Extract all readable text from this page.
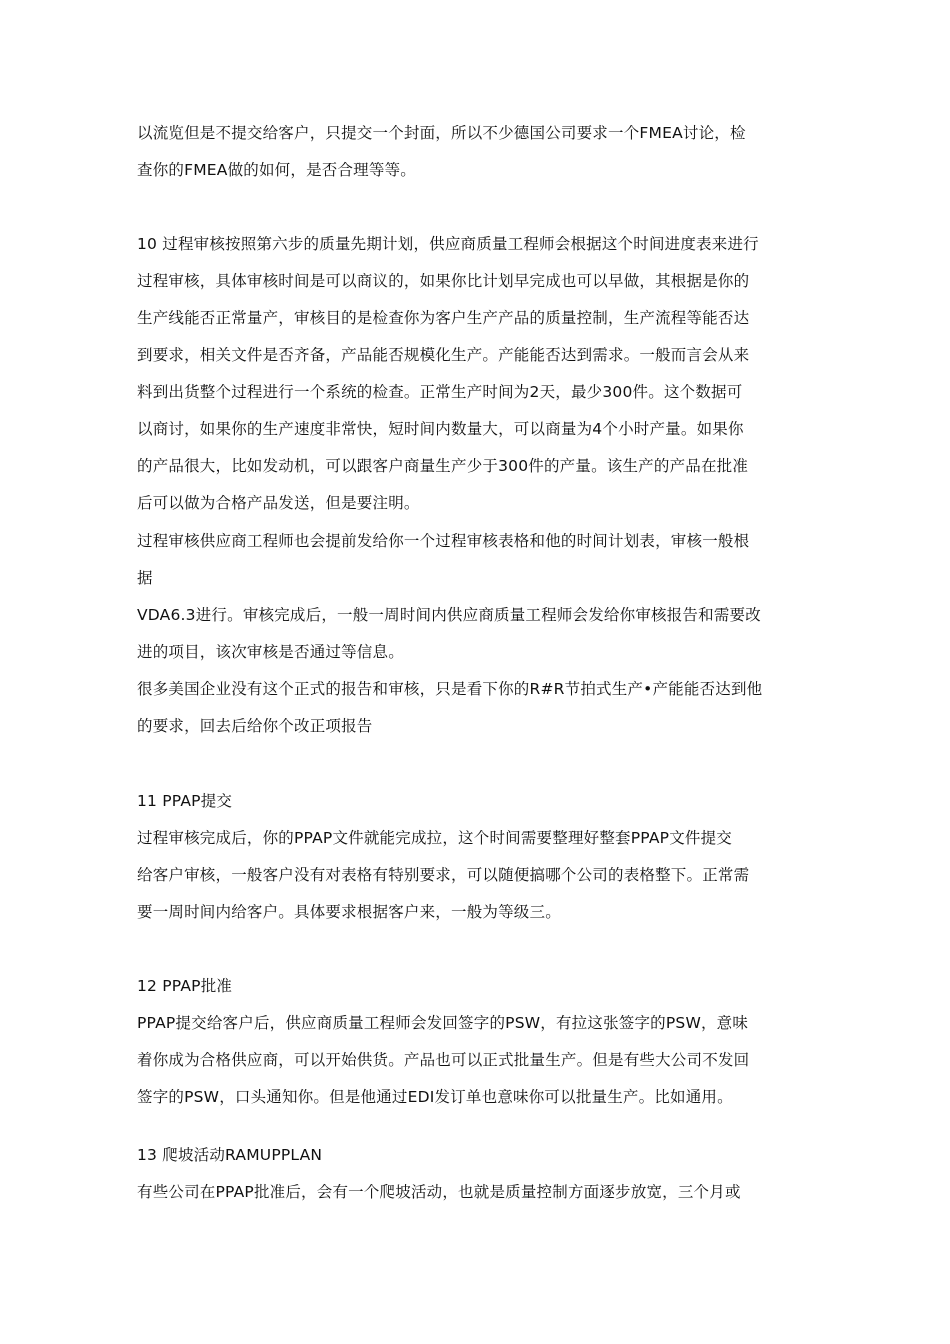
以流览但是不提交给客户，只提交一个封面，所以不少德国公司要求一个FMEA讨论，检
查你的FMEA做的如何，是否合理等等。
10 过程审核按照第六步的质量先期计划，供应商质量工程师会根据这个时间进度表来进行
过程审核，具体审核时间是可以商议的，如果你比计划早完成也可以早做，其根据是你的
生产线能否正常量产，审核目的是检查你为客户生产产品的质量控制，生产流程等能否达
到要求，相关文件是否齐备，产品能否规模化生产。产能能否达到需求。一般而言会从来
料到出货整个过程进行一个系统的检查。正常生产时间为2天，最少300件。这个数据可
以商讨，如果你的生产速度非常快，短时间内数量大，可以商量为4个小时产量。如果你
的产品很大，比如发动机，可以跟客户商量生产少于300件的产量。该生产的产品在批准
后可以做为合格产品发送，但是要注明。
过程审核供应商工程师也会提前发给你一个过程审核表格和他的时间计划表，审核一般根
据
VDA6.3进行。审核完成后，一般一周时间内供应商质量工程师会发给你审核报告和需要改
进的项目，该次审核是否通过等信息。
很多美国企业没有这个正式的报告和审核，只是看下你的R#R节拍式生产•产能能否达到他
的要求，回去后给你个改正项报告
11 PPAP提交
过程审核完成后，你的PPAP文件就能完成拉，这个时间需要整理好整套PPAP文件提交
给客户审核，一般客户没有对表格有特别要求，可以随便搞哪个公司的表格整下。正常需
要一周时间内给客户。具体要求根据客户来，一般为等级三。
12 PPAP批准
PPAP提交给客户后，供应商质量工程师会发回签字的PSW，有拉这张签字的PSW，意味
着你成为合格供应商，可以开始供货。产品也可以正式批量生产。但是有些大公司不发回
签字的PSW，口头通知你。但是他通过EDI发订单也意味你可以批量生产。比如通用。
13 爬坡活动RAMUPPLAN
有些公司在PPAP批准后，会有一个爬坡活动，也就是质量控制方面逐步放宽，三个月或
